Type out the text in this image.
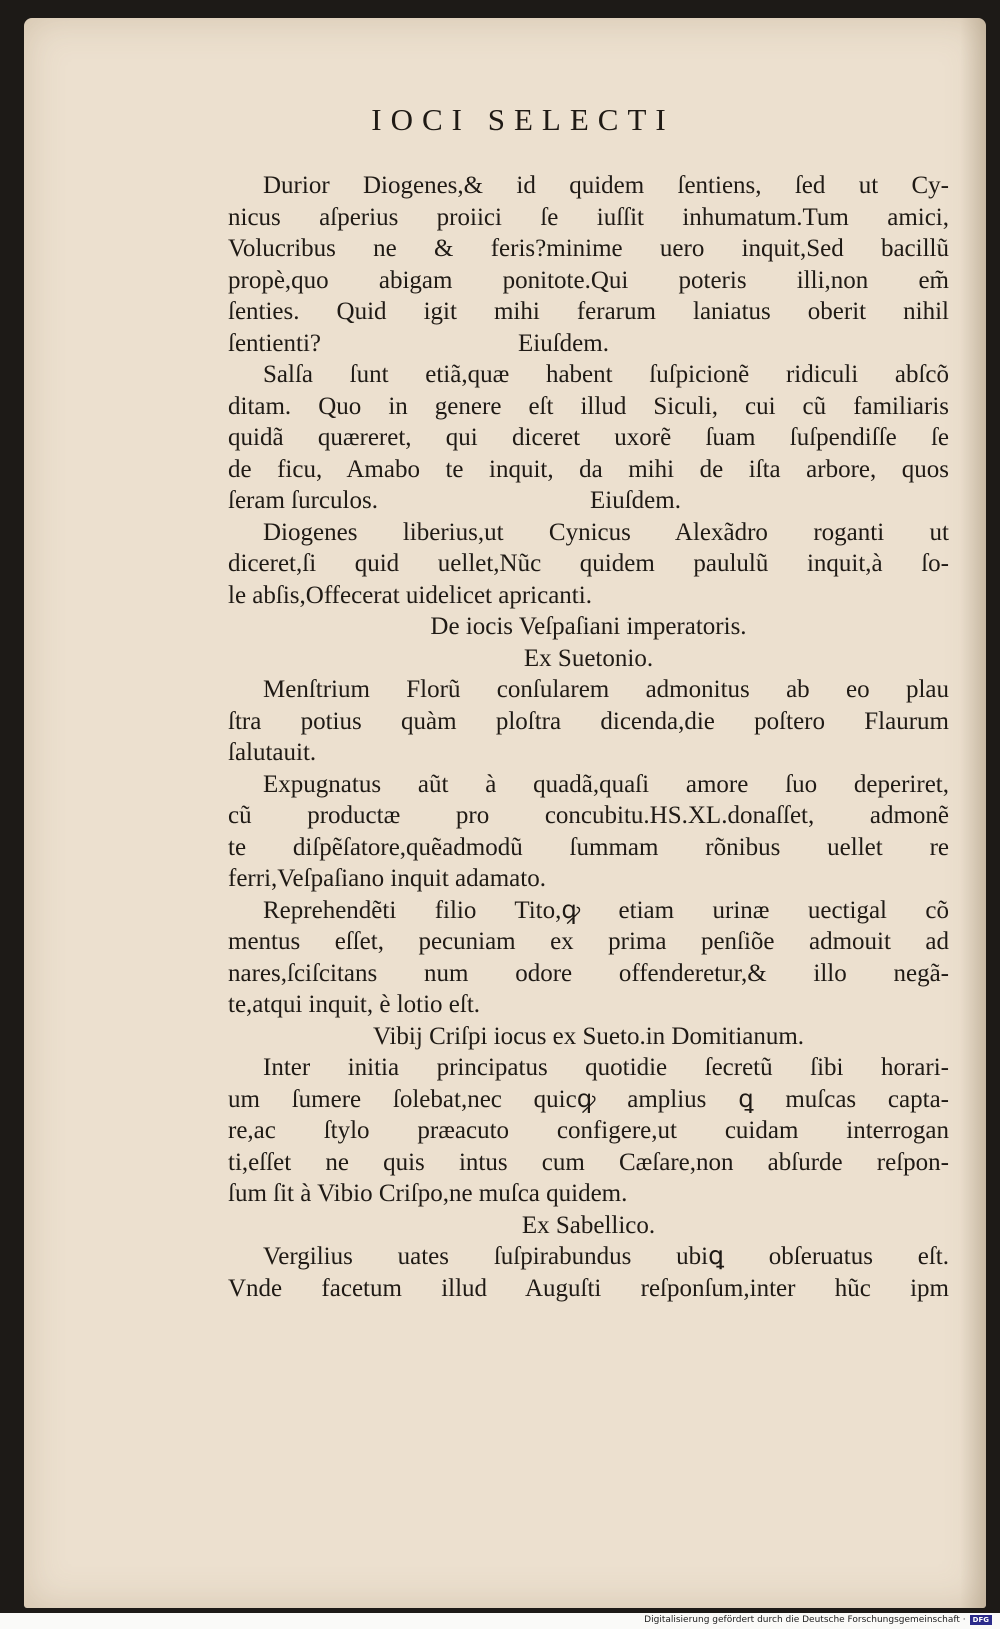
IOCI SELECTI
Durior Diogenes,& id quidem ſentiens, ſed ut Cy-
nicus aſperius proiici ſe iuſſit inhumatum.Tum amici,
Volucribus ne & feris?minime uero inquit,Sed bacillũ
propè,quo abigam ponitote.Qui poteris illi,non em̃
ſenties. Quid igit mihi ferarum laniatus oberit nihil
ſentienti?	Eiuſdem.
Salſa ſunt etiã,quæ habent ſuſpicionẽ ridiculi abſcõ
ditam. Quo in genere eſt illud Siculi, cui cũ familiaris
quidã quæreret, qui diceret uxorẽ ſuam ſuſpendiſſe ſe
de ficu, Amabo te inquit, da mihi de iſta arbore, quos
ſeram ſurculos.	Eiuſdem.
Diogenes liberius,ut Cynicus Alexãdro roganti ut
diceret,ſi quid uellet,Nũc quidem paululũ inquit,à ſo-
le abſis,Offecerat uidelicet apricanti.
De iocis Veſpaſiani imperatoris.
Ex Suetonio.
Menſtrium Florũ conſularem admonitus ab eo plau
ſtra potius quàm ploſtra dicenda,die poſtero Flaurum
ſalutauit.
Expugnatus aũt à quadã,quaſi amore ſuo deperiret,
cũ productæ pro concubitu.HS.XL.donaſſet, admonẽ
te diſpẽſatore,quẽadmodũ ſummam rõnibus uellet re
ferri,Veſpaſiano inquit adamato.
Reprehendẽti filio Tito,ꝙ etiam urinæ uectigal cõ
mentus eſſet, pecuniam ex prima penſiõe admouit ad
nares,ſciſcitans num odore offenderetur,& illo negã-
te,atqui inquit, è lotio eſt.
Vibij Criſpi iocus ex Sueto.in Domitianum.
Inter initia principatus quotidie ſecretũ ſibi horari-
um ſumere ſolebat,nec quicꝙ amplius ꝗ muſcas capta-
re,ac ſtylo præacuto configere,ut cuidam interrogan
ti,eſſet ne quis intus cum Cæſare,non abſurde reſpon-
ſum ſit à Vibio Criſpo,ne muſca quidem.
Ex Sabellico.
Vergilius uates ſuſpirabundus ubiꝗ obſeruatus eſt.
Vnde facetum illud Auguſti reſponſum,inter hũc ipm
Digitalisierung gefördert durch die Deutsche Forschungsgemeinschaft ·	DFG
